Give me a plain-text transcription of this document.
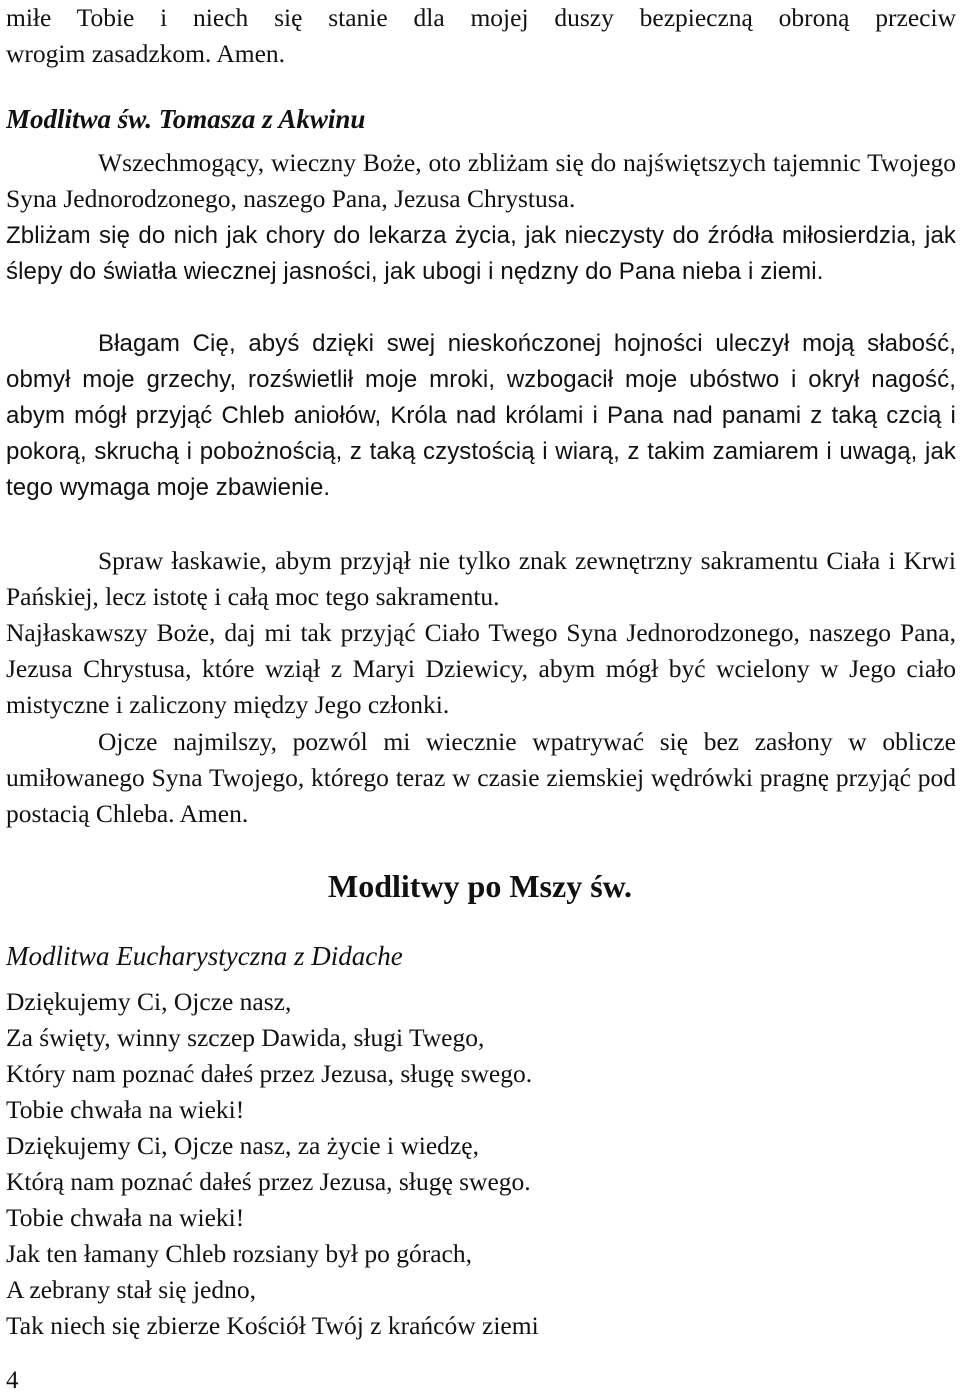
miłe Tobie i niech się stanie dla mojej duszy bezpieczną obroną przeciw
wrogim zasadzkom. Amen.
Modlitwa św. Tomasza z Akwinu
Wszechmogący, wieczny Boże, oto zbliżam się do najświętszych tajemnic Twojego Syna Jednorodzonego, naszego Pana, Jezusa Chrystusa.
Zbliżam się do nich jak chory do lekarza życia, jak nieczysty do źródła miłosierdzia, jak ślepy do światła wiecznej jasności, jak ubogi i nędzny do Pana nieba i ziemi.
Błagam Cię, abyś dzięki swej nieskończonej hojności uleczył moją słabość, obmył moje grzechy, rozświetlił moje mroki, wzbogacił moje ubóstwo i okrył nagość, abym mógł przyjąć Chleb aniołów, Króla nad królami i Pana nad panami z taką czcią i pokorą, skruchą i pobożnością, z taką czystością i wiarą, z takim zamiarem i uwagą, jak tego wymaga moje zbawienie.
Spraw łaskawie, abym przyjął nie tylko znak zewnętrzny sakramentu Ciała i Krwi Pańskiej, lecz istotę i całą moc tego sakramentu.
Najłaskawszy Boże, daj mi tak przyjąć Ciało Twego Syna Jednorodzonego, naszego Pana, Jezusa Chrystusa, które wziął z Maryi Dziewicy, abym mógł być wcielony w Jego ciało mistyczne i zaliczony między Jego członki.
Ojcze najmilszy, pozwól mi wiecznie wpatrywać się bez zasłony w oblicze umiłowanego Syna Twojego, którego teraz w czasie ziemskiej wędrówki pragnę przyjąć pod postacią Chleba. Amen.
Modlitwy po Mszy św.
Modlitwa Eucharystyczna z Didache
Dziękujemy Ci, Ojcze nasz,
Za święty, winny szczep Dawida, sługi Twego,
Który nam poznać dałeś przez Jezusa, sługę swego.
Tobie chwała na wieki!
Dziękujemy Ci, Ojcze nasz, za życie i wiedzę,
Którą nam poznać dałeś przez Jezusa, sługę swego.
Tobie chwała na wieki!
Jak ten łamany Chleb rozsiany był po górach,
A zebrany stał się jedno,
Tak niech się zbierze Kościół Twój z krańców ziemi
4
